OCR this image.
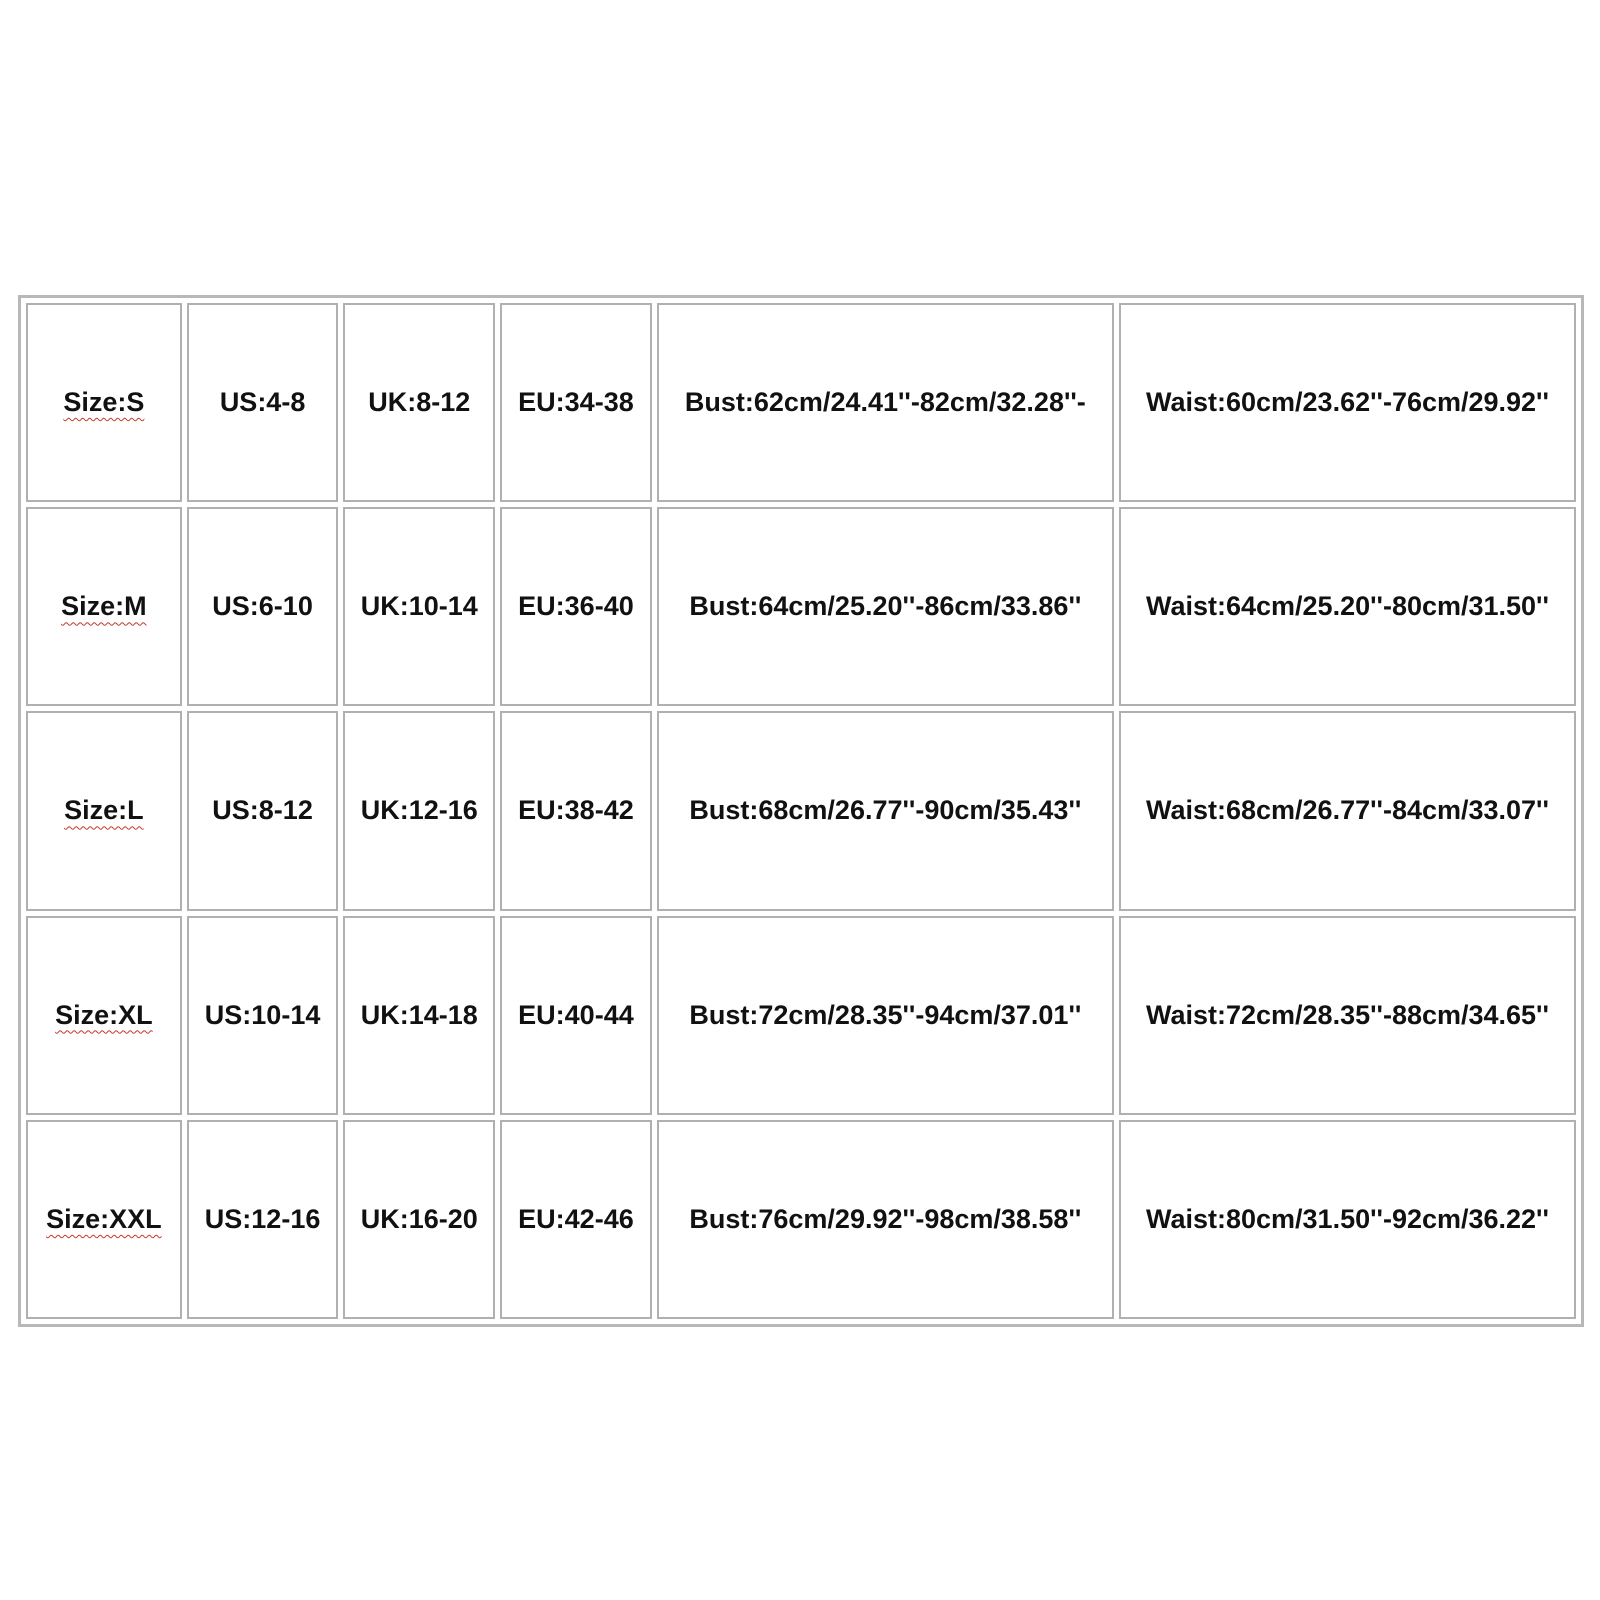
Size:S	US:4-8	UK:8-12	EU:34-38	Bust:62cm/24.41''-82cm/32.28''-	Waist:60cm/23.62''-76cm/29.92''
Size:M	US:6-10	UK:10-14	EU:36-40	Bust:64cm/25.20''-86cm/33.86''	Waist:64cm/25.20''-80cm/31.50''
Size:L	US:8-12	UK:12-16	EU:38-42	Bust:68cm/26.77''-90cm/35.43''	Waist:68cm/26.77''-84cm/33.07''
Size:XL	US:10-14	UK:14-18	EU:40-44	Bust:72cm/28.35''-94cm/37.01''	Waist:72cm/28.35''-88cm/34.65''
Size:XXL	US:12-16	UK:16-20	EU:42-46	Bust:76cm/29.92''-98cm/38.58''	Waist:80cm/31.50''-92cm/36.22''
